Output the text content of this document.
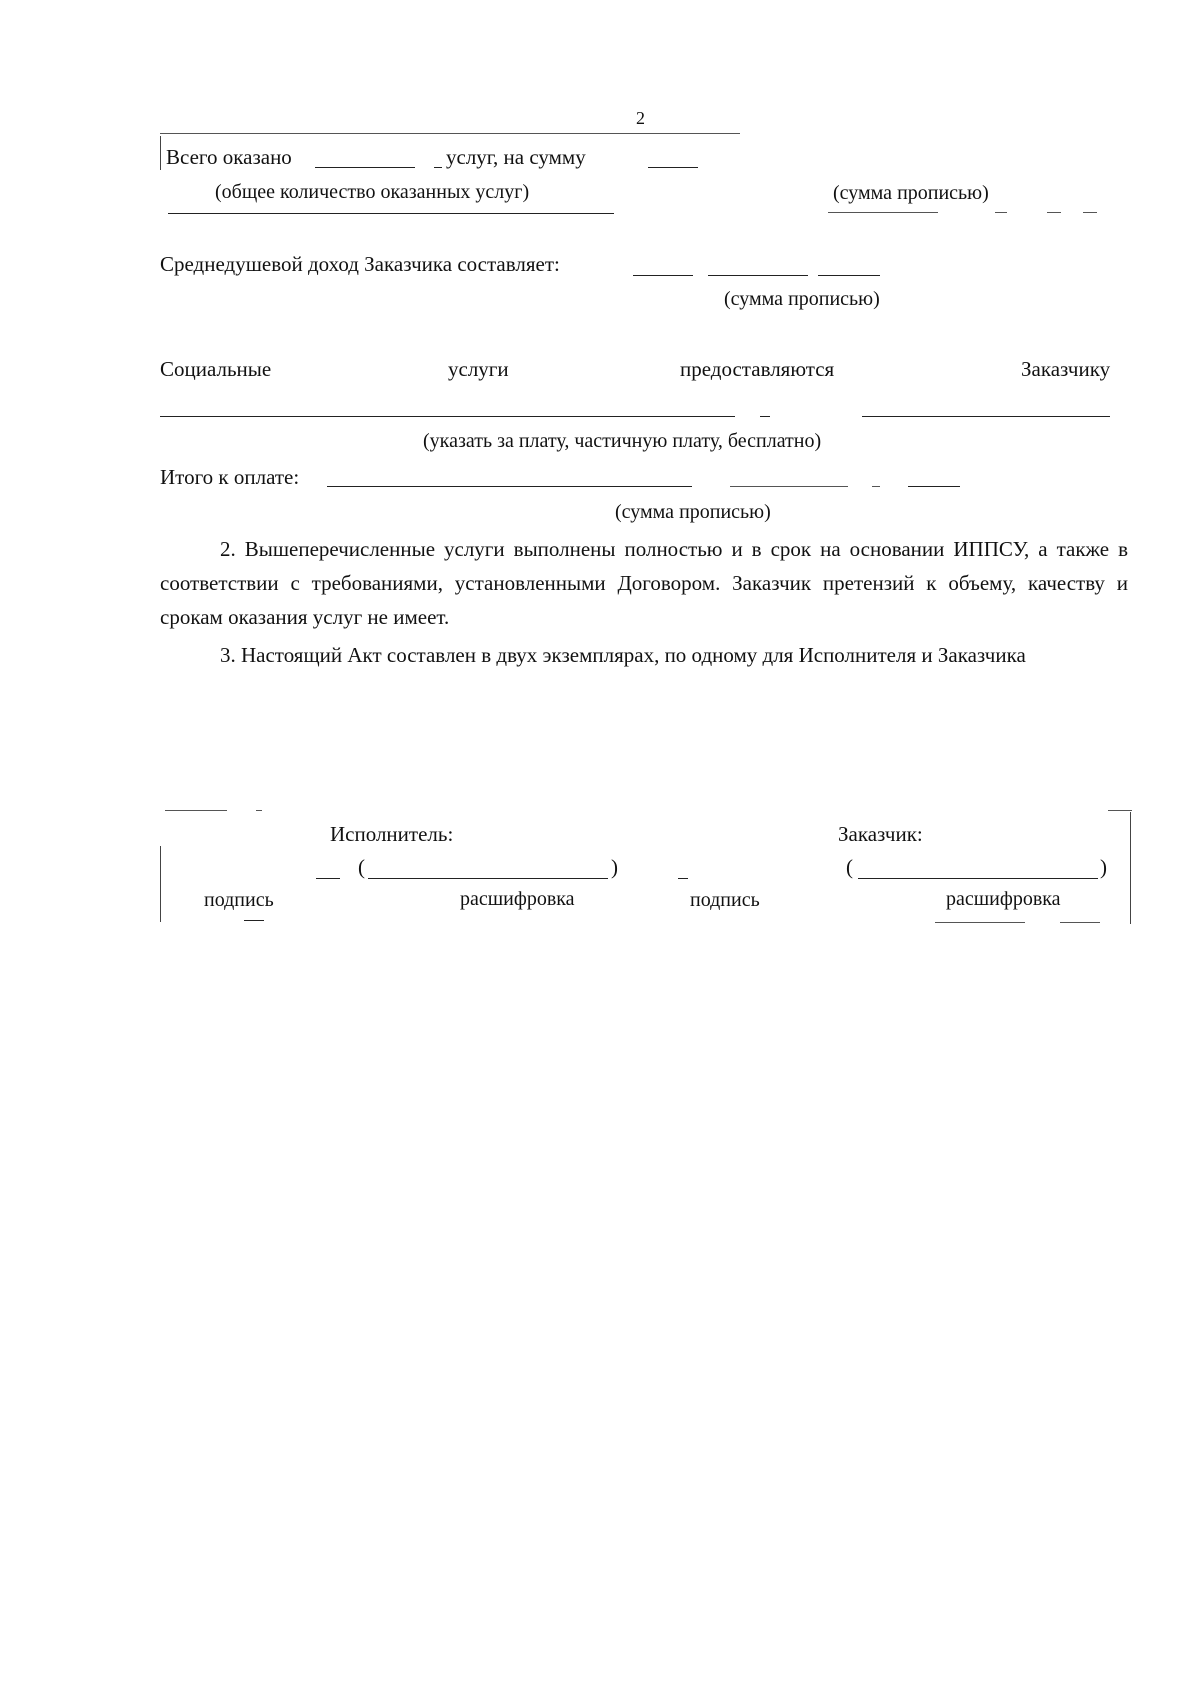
2
Всего оказано	услуг, на сумму
(общее количество оказанных услуг)	(сумма прописью)
Среднедушевой доход Заказчика составляет:
(сумма прописью)
Социальные	услуги	предоставляются	Заказчику
(указать за плату, частичную плату, бесплатно)
Итого к оплате:
(сумма прописью)

2. Вышеперечисленные услуги выполнены полностью и в срок на основании ИППСУ, а также в соответствии с требованиями, установленными Договором. Заказчик претензий к объему, качеству и срокам оказания услуг не имеет.

3. Настоящий Акт составлен в двух экземплярах, по одному для Исполнителя и Заказчика

Исполнитель:	Заказчик:
(	)	(	)
подпись	расшифровка	подпись	расшифровка
